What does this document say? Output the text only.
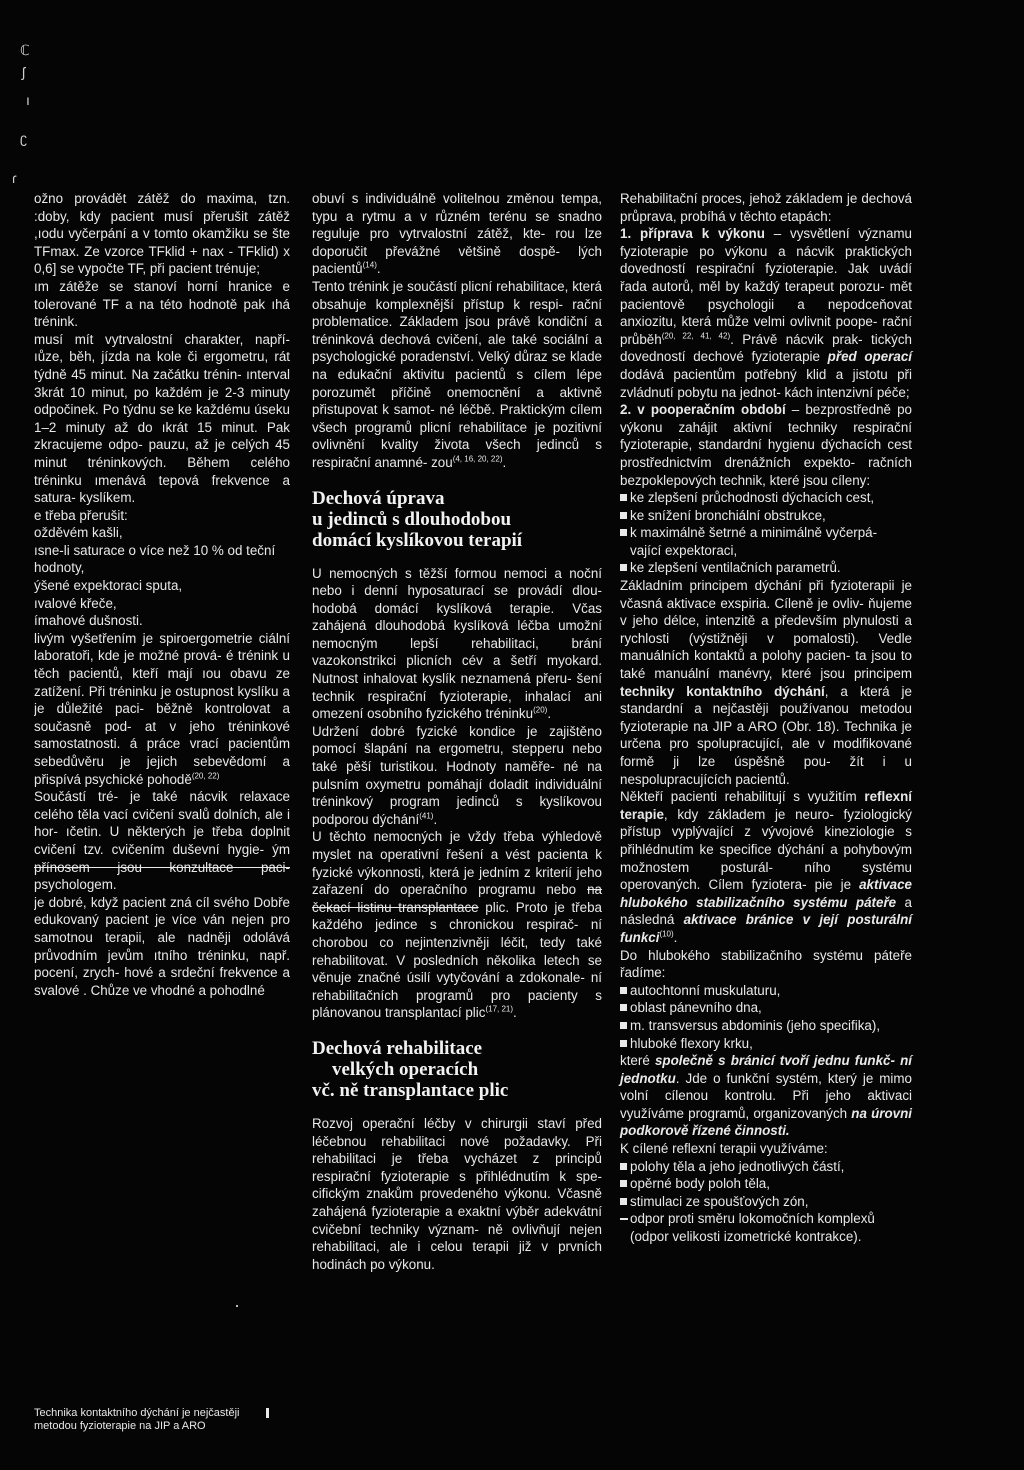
ℂ
ʃ
ı
ʗ
ɾ

ožno provádět zátěž do maxima, tzn. :doby, kdy pacient musí přerušit zátěž ,ıodu vyčerpání a v tomto okamžiku se šte TFmax. Ze vzorce TFklid + nax - TFklid) x 0,6] se vypočte TF, při pacient trénuje;

ım zátěže se stanoví horní hranice e tolerované TF a na této hodnotě pak ıhá trénink.

musí mít vytrvalostní charakter, napří- ıůze, běh, jízda na kole či ergometru, rát týdně 45 minut. Na začátku trénin- ınterval 3krát 10 minut, po každém je 2-3 minuty odpočinek. Po týdnu se ke každému úseku 1–2 minuty až do ıkrát 15 minut. Pak zkracujeme odpo- pauzu, až je celých 45 minut tréninkových. Během celého tréninku ımenává tepová frekvence a satura- kyslíkem.

e třeba přerušit:

ožděvém kašli,
ısne-li saturace o více než 10 % od teční hodnoty,
ýšené expektoraci sputa,
ıvalové křeče,
ímahové dušnosti.

livým vyšetřením je spiroergometrie ciální laboratoři, kde je možné prová- é trénink u těch pacientů, kteří mají ıou obavu ze zatížení. Při tréninku je ostupnost kyslíku a je důležité paci- běžně kontrolovat a současně pod- at v jeho tréninkové samostatnosti. á práce vrací pacientům sebedůvěru je jejich sebevědomí a přispívá psychické pohodě$^{(20, 22)}$

Součástí tré- je také nácvik relaxace celého těla vací cvičení svalů dolních, ale i hor- ıčetin. U některých je třeba doplnit cvičení tzv. cvičením duševní hygie- ým přínosem jsou konzultace paci- psychologem.

je dobré, když pacient zná cíl svého Dobře edukovaný pacient je více ván nejen pro samotnou terapii, ale nadněji odolává průvodním jevům ıtního tréninku, např. pocení, zrych- hové a srdeční frekvence a svalové . Chůze ve vhodné a pohodlné

obuví s individuálně volitelnou změnou tempa, typu a rytmu a v různém terénu se snadno reguluje pro vytrvalostní zátěž, kte- rou lze doporučit převážné většině dospě- lých pacientů$^{(14)}$.

Tento trénink je součástí plicní rehabilitace, která obsahuje komplexnější přístup k respi- rační problematice. Základem jsou právě kondiční a tréninková dechová cvičení, ale také sociální a psychologické poradenství. Velký důraz se klade na edukační aktivitu pacientů s cílem lépe porozumět příčině onemocnění a aktivně přistupovat k samot- né léčbě. Praktickým cílem všech programů plicní rehabilitace je pozitivní ovlivnění kvality života všech jedinců s respirační anamné- zou$^{(4, 16, 20, 22)}$.

Dechová úprava
u jedinců s dlouhodobou
domácí kyslíkovou terapií

U nemocných s těžší formou nemoci a noční nebo i denní hyposaturací se provádí dlou- hodobá domácí kyslíková terapie. Včas zahájená dlouhodobá kyslíková léčba umožní nemocným lepší rehabilitaci, brání vazokonstrikci plicních cév a šetří myokard. Nutnost inhalovat kyslík neznamená přeru- šení technik respirační fyzioterapie, inhalací ani omezení osobního fyzického tréninku$^{(20)}$.

Udržení dobré fyzické kondice je zajištěno pomocí šlapání na ergometru, stepperu nebo také pěší turistikou. Hodnoty naměře- né na pulsním oxymetru pomáhají doladit individuální tréninkový program jedinců s kyslíkovou podporou dýchání$^{(41)}$.

U těchto nemocných je vždy třeba výhledově myslet na operativní řešení a vést pacienta k fyzické výkonnosti, která je jedním z kriterií jeho zařazení do operačního programu nebo na čekací listinu transplantace plic. Proto je třeba každého jedince s chronickou respirač- ní chorobou co nejintenzivněji léčit, tedy také rehabilitovat. V posledních několika letech se věnuje značné úsilí vytyčování a zdokonale- ní rehabilitačních programů pro pacienty s plánovanou transplantací plic$^{(17, 21)}$.

Dechová rehabilitace
velkých operacích
vč. ně transplantace plic

Rozvoj operační léčby v chirurgii staví před léčebnou rehabilitaci nové požadavky. Při rehabilitaci je třeba vycházet z principů respirační fyzioterapie s přihlédnutím k spe- cifickým znakům provedeného výkonu. Včasně zahájená fyzioterapie a exaktní výběr adekvátní cvičební techniky význam- ně ovlivňují nejen rehabilitaci, ale i celou terapii již v prvních hodinách po výkonu.

Rehabilitační proces, jehož základem je dechová průprava, probíhá v těchto etapách:

1. příprava k výkonu – vysvětlení významu fyzioterapie po výkonu a nácvik praktických dovedností respirační fyzioterapie. Jak uvádí řada autorů, měl by každý terapeut porozu- mět pacientově psychologii a nepodceňovat anxiozitu, která může velmi ovlivnit poope- rační průběh$^{(20, 22, 41, 42)}$. Právě nácvik prak- tických dovedností dechové fyzioterapie před operací dodává pacientům potřebný klid a jistotu při zvládnutí pobytu na jednot- kách intenzivní péče;

2. v pooperačním období – bezprostředně po výkonu zahájit aktivní techniky respirační fyzioterapie, standardní hygienu dýchacích cest prostřednictvím drenážních expekto- račních bezpoklepových technik, které jsou cíleny:

ke zlepšení průchodnosti dýchacích cest,
ke snížení bronchiální obstrukce,
k maximálně šetrné a minimálně vyčerpá- vající expektoraci,
ke zlepšení ventilačních parametrů.

Základním principem dýchání při fyzioterapii je včasná aktivace exspiria. Cíleně je ovliv- ňujeme v jeho délce, intenzitě a především plynulosti a rychlosti (výstižněji v pomalosti). Vedle manuálních kontaktů a polohy pacien- ta jsou to také manuální manévry, které jsou principem techniky kontaktního dýchání, a která je standardní a nejčastěji používanou metodou fyzioterapie na JIP a ARO (Obr. 18). Technika je určena pro spolupracující, ale v modifikované formě ji lze úspěšně pou- žít i u nespolupracujících pacientů.

Někteří pacienti rehabilitují s využitím reflexní terapie, kdy základem je neuro- fyziologický přístup vyplývající z vývojové kineziologie s přihlédnutím ke specifice dýchání a pohybovým možnostem posturál- ního systému operovaných. Cílem fyziotera- pie je aktivace hlubokého stabilizačního systému páteře a následná aktivace bránice v její posturální funkci$^{(10)}$.

Do hlubokého stabilizačního systému páteře řadíme:

autochtonní muskulaturu,
oblast pánevního dna,
m. transversus abdominis (jeho specifika),
hluboké flexory krku,

které společně s bránicí tvoří jednu funkč- ní jednotku. Jde o funkční systém, který je mimo volní cílenou kontrolu. Při jeho aktivaci využíváme programů, organizovaných na úrovni podkorově řízené činnosti.

K cílené reflexní terapii využíváme:

polohy těla a jeho jednotlivých částí,
opěrné body poloh těla,
stimulaci ze spoušťových zón,
odpor proti směru lokomočních komplexů (odpor velikosti izometrické kontrakce).
Technika kontaktního dýchání je nejčastěji metodou fyzioterapie na JIP a ARO
